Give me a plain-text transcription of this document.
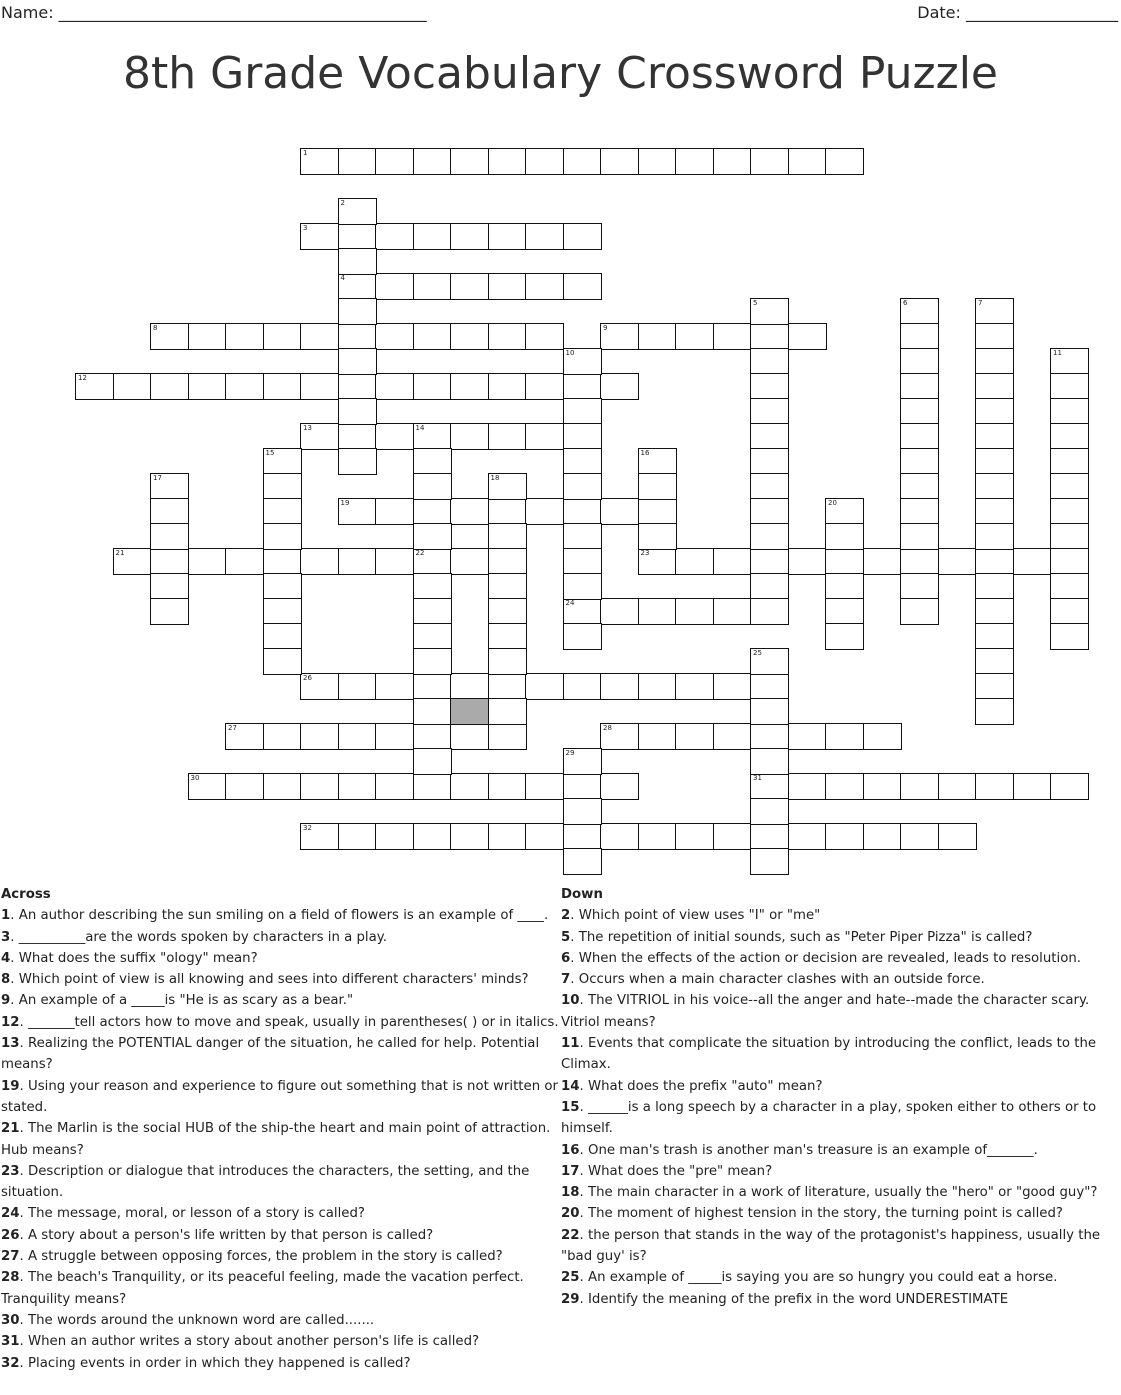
Name: ______________________________________________	Date: ___________________
8th Grade Vocabulary Crossword Puzzle
1
3
4
8	9
12
13	14
19
21	22	23
24
26
27	28
30	31
32
2
5	6	7
10	11
15	16
17	18
20
25
29
Across
1. An author describing the sun smiling on a field of flowers is an example of ____.
3. __________are the words spoken by characters in a play.
4. What does the suffix "ology" mean?
8. Which point of view is all knowing and sees into different characters' minds?
9. An example of a _____is "He is as scary as a bear."
12. _______tell actors how to move and speak, usually in parentheses( ) or in italics.
13. Realizing the POTENTIAL danger of the situation, he called for help. Potential means?
19. Using your reason and experience to figure out something that is not written or stated.
21. The Marlin is the social HUB of the ship-the heart and main point of attraction. Hub means?
23. Description or dialogue that introduces the characters, the setting, and the situation.
24. The message, moral, or lesson of a story is called?
26. A story about a person's life written by that person is called?
27. A struggle between opposing forces, the problem in the story is called?
28. The beach's Tranquility, or its peaceful feeling, made the vacation perfect. Tranquility means?
30. The words around the unknown word are called.......
31. When an author writes a story about another person's life is called?
32. Placing events in order in which they happened is called?
Down
2. Which point of view uses "I" or "me"
5. The repetition of initial sounds, such as "Peter Piper Pizza" is called?
6. When the effects of the action or decision are revealed, leads to resolution.
7. Occurs when a main character clashes with an outside force.
10. The VITRIOL in his voice--all the anger and hate--made the character scary. Vitriol means?
11. Events that complicate the situation by introducing the conflict, leads to the Climax.
14. What does the prefix "auto" mean?
15. ______is a long speech by a character in a play, spoken either to others or to himself.
16. One man's trash is another man's treasure is an example of_______.
17. What does the "pre" mean?
18. The main character in a work of literature, usually the "hero" or "good guy"?
20. The moment of highest tension in the story, the turning point is called?
22. the person that stands in the way of the protagonist's happiness, usually the "bad guy' is?
25. An example of _____is saying you are so hungry you could eat a horse.
29. Identify the meaning of the prefix in the word UNDERESTIMATE
